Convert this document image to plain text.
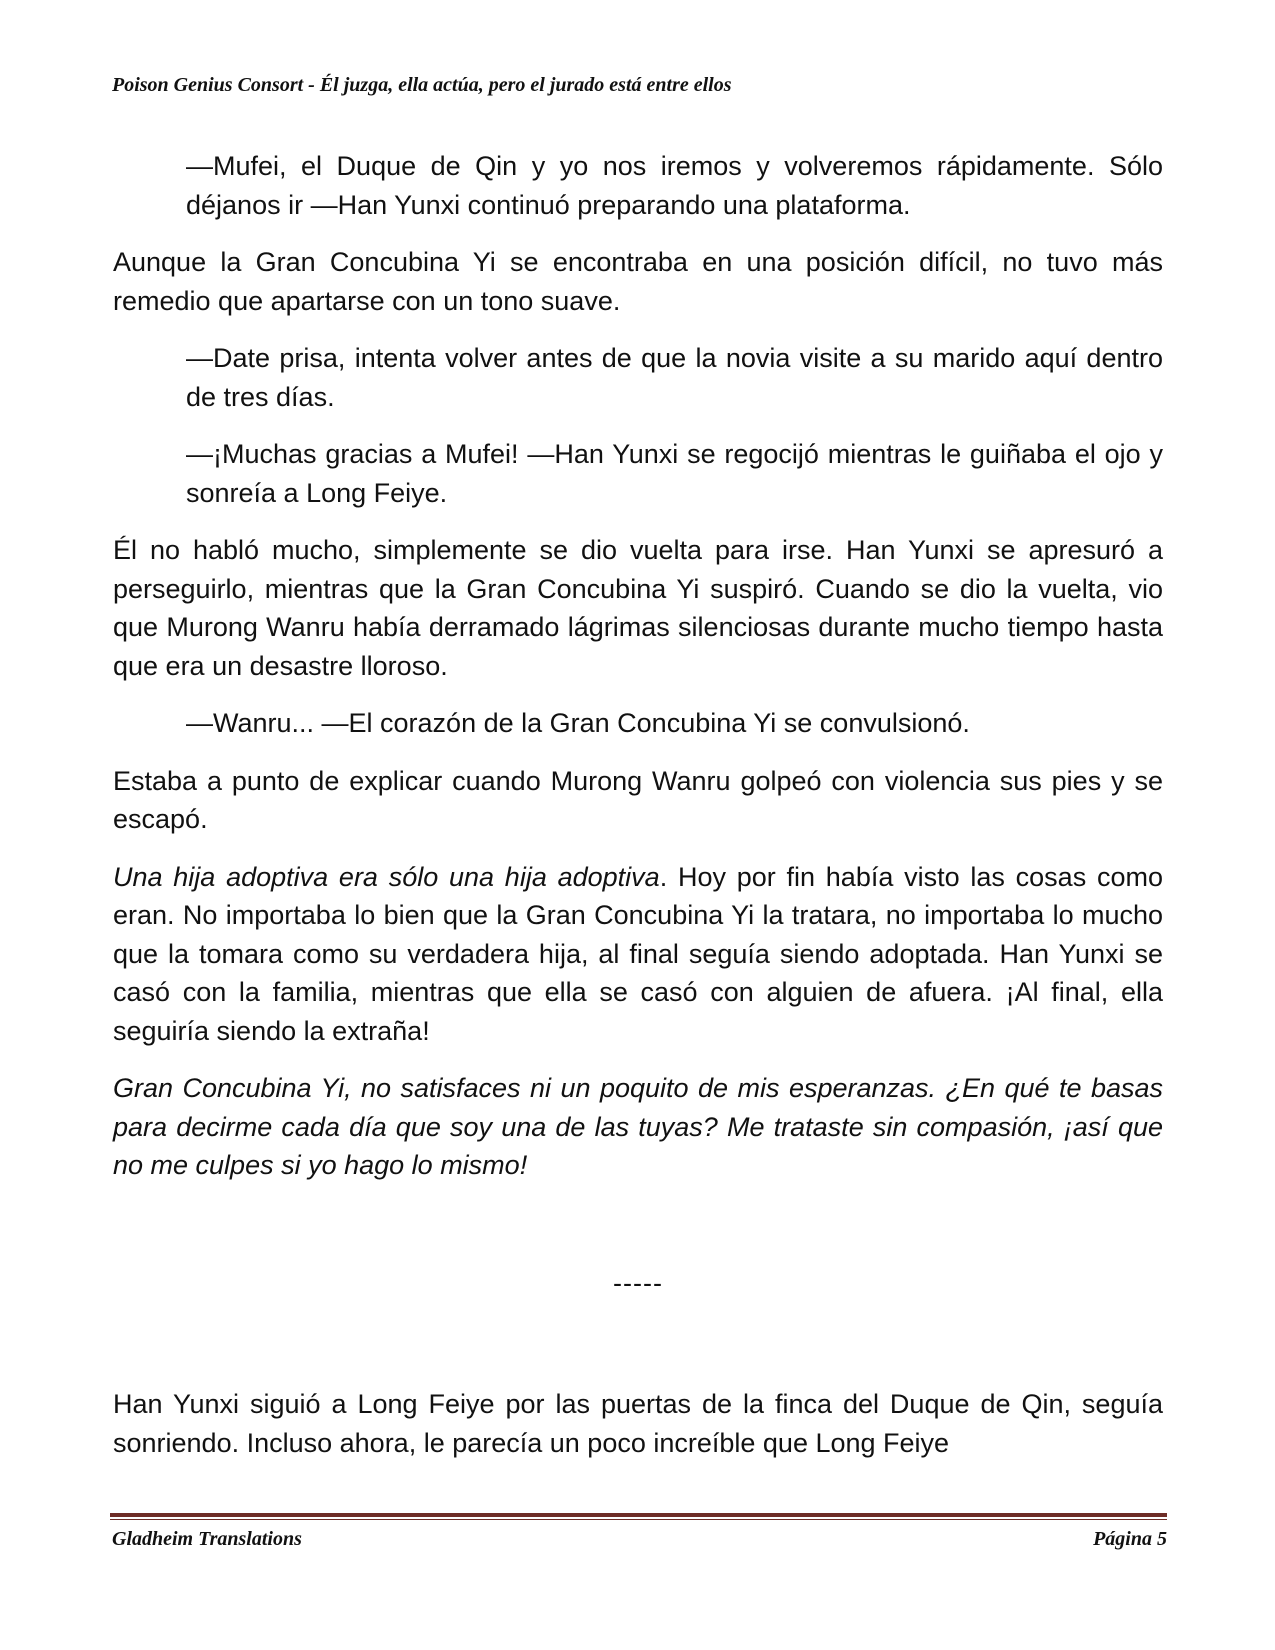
Poison Genius Consort - Él juzga, ella actúa, pero el jurado está entre ellos

—Mufei, el Duque de Qin y yo nos iremos y volveremos rápidamente. Sólo déjanos ir —Han Yunxi continuó preparando una plataforma.

Aunque la Gran Concubina Yi se encontraba en una posición difícil, no tuvo más remedio que apartarse con un tono suave.

—Date prisa, intenta volver antes de que la novia visite a su marido aquí dentro de tres días.

—¡Muchas gracias a Mufei! —Han Yunxi se regocijó mientras le guiñaba el ojo y sonreía a Long Feiye.

Él no habló mucho, simplemente se dio vuelta para irse. Han Yunxi se apresuró a perseguirlo, mientras que la Gran Concubina Yi suspiró. Cuando se dio la vuelta, vio que Murong Wanru había derramado lágrimas silenciosas durante mucho tiempo hasta que era un desastre lloroso.

—Wanru... —El corazón de la Gran Concubina Yi se convulsionó.

Estaba a punto de explicar cuando Murong Wanru golpeó con violencia sus pies y se escapó.

Una hija adoptiva era sólo una hija adoptiva. Hoy por fin había visto las cosas como eran. No importaba lo bien que la Gran Concubina Yi la tratara, no importaba lo mucho que la tomara como su verdadera hija, al final seguía siendo adoptada. Han Yunxi se casó con la familia, mientras que ella se casó con alguien de afuera. ¡Al final, ella seguiría siendo la extraña!

Gran Concubina Yi, no satisfaces ni un poquito de mis esperanzas. ¿En qué te basas para decirme cada día que soy una de las tuyas? Me trataste sin compasión, ¡así que no me culpes si yo hago lo mismo!

-----

Han Yunxi siguió a Long Feiye por las puertas de la finca del Duque de Qin, seguía sonriendo. Incluso ahora, le parecía un poco increíble que Long Feiye

Gladheim Translations	Página 5
